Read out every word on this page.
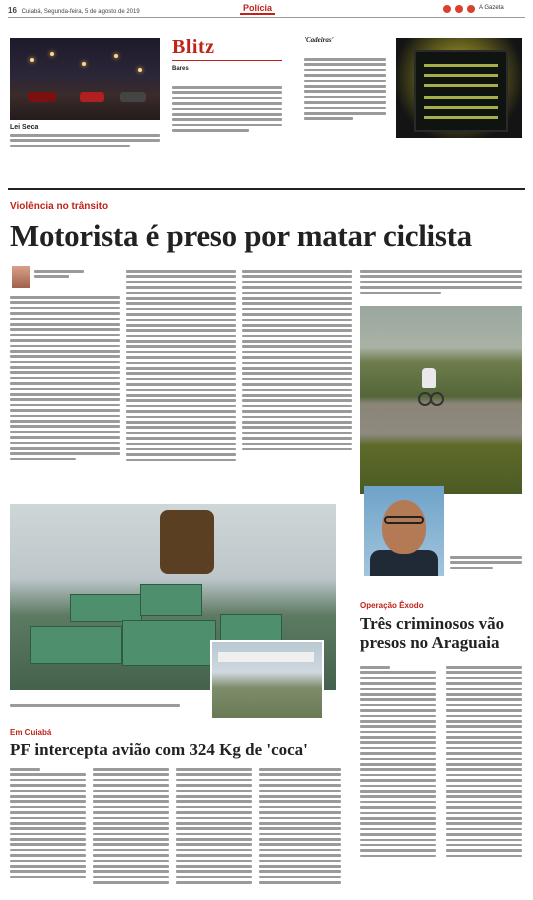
16 Cuiabá, Segunda-feira, 5 de agosto de 2019	Polícia	A Gazeta
Lei Seca
Blitz
Bares
'Cadeiras'
Violência no trânsito
Motorista é preso por matar ciclista
Operação Êxodo
Três criminosos vão presos no Araguaia
Em Cuiabá
PF intercepta avião com 324 Kg de 'coca'
